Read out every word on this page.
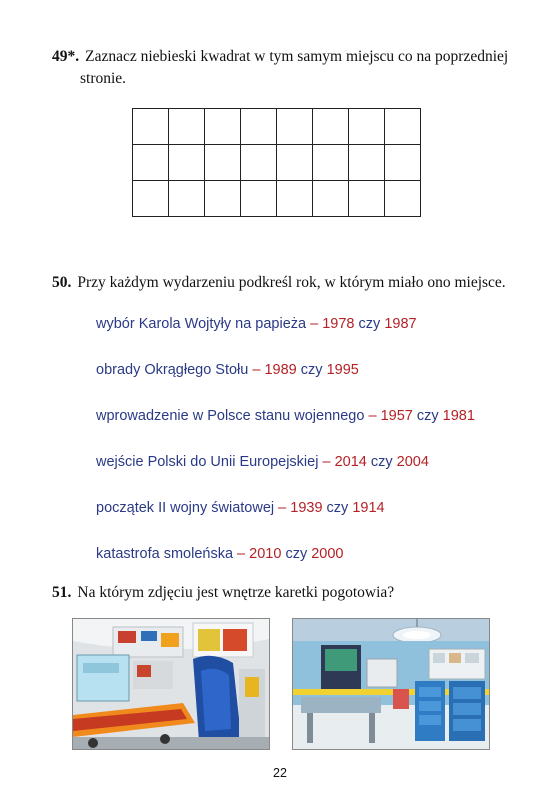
49*. Zaznacz niebieski kwadrat w tym samym miejscu co na poprzedniej
stronie.
50. Przy każdym wydarzeniu podkreśl rok, w którym miało ono miejsce.
wybór Karola Wojtyły na papieża – 1978 czy 1987
obrady Okrągłego Stołu – 1989 czy 1995
wprowadzenie w Polsce stanu wojennego – 1957 czy 1981
wejście Polski do Unii Europejskiej – 2014 czy 2004
początek II wojny światowej – 1939 czy 1914
katastrofa smoleńska – 2010 czy 2000
51. Na którym zdjęciu jest wnętrze karetki pogotowia?
22
